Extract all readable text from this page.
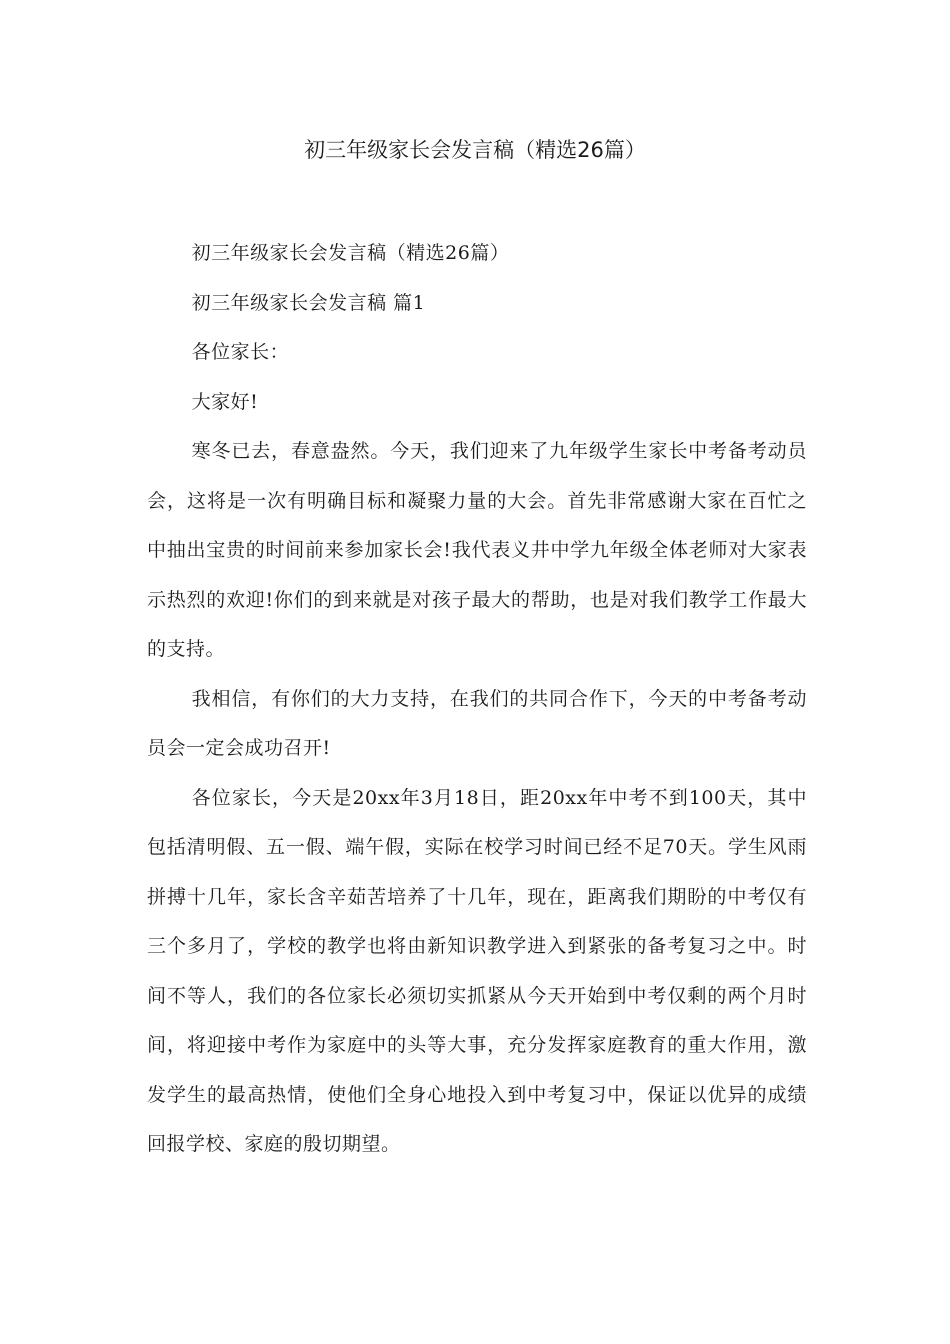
初三年级家长会发言稿（精选26篇）

初三年级家长会发言稿（精选26篇）

初三年级家长会发言稿 篇1

各位家长：

大家好!

寒冬已去，春意盎然。今天，我们迎来了九年级学生家长中考备考动员会，这将是一次有明确目标和凝聚力量的大会。首先非常感谢大家在百忙之中抽出宝贵的时间前来参加家长会!我代表义井中学九年级全体老师对大家表示热烈的欢迎!你们的到来就是对孩子最大的帮助，也是对我们教学工作最大的支持。

我相信，有你们的大力支持，在我们的共同合作下，今天的中考备考动员会一定会成功召开!

各位家长，今天是20xx年3月18日，距20xx年中考不到100天，其中包括清明假、五一假、端午假，实际在校学习时间已经不足70天。学生风雨拼搏十几年，家长含辛茹苦培养了十几年，现在，距离我们期盼的中考仅有三个多月了，学校的教学也将由新知识教学进入到紧张的备考复习之中。时间不等人，我们的各位家长必须切实抓紧从今天开始到中考仅剩的两个月时间，将迎接中考作为家庭中的头等大事，充分发挥家庭教育的重大作用，激发学生的最高热情，使他们全身心地投入到中考复习中，保证以优异的成绩回报学校、家庭的殷切期望。
